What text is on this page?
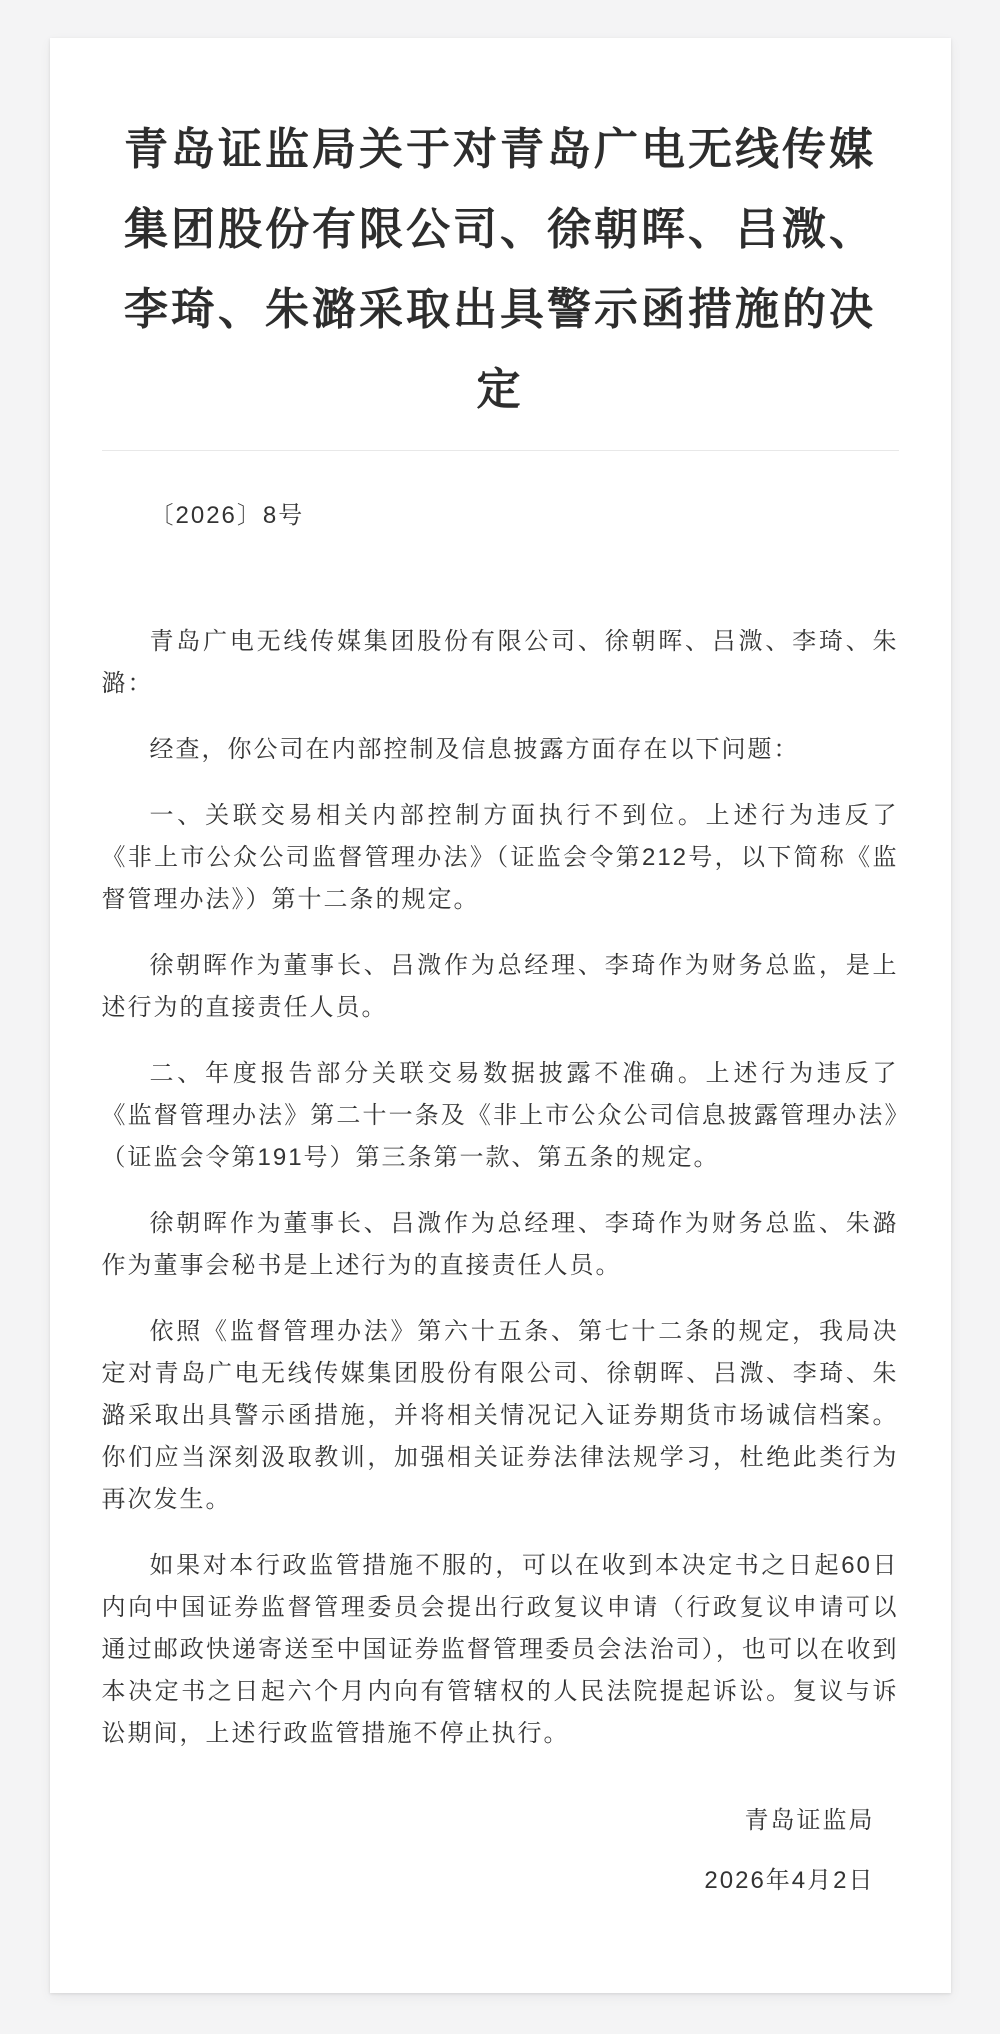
青岛证监局关于对青岛广电无线传媒集团股份有限公司、徐朝晖、吕溦、李琦、朱潞采取出具警示函措施的决定
〔2026〕8号

青岛广电无线传媒集团股份有限公司、徐朝晖、吕溦、李琦、朱潞：

经查，你公司在内部控制及信息披露方面存在以下问题：

一、关联交易相关内部控制方面执行不到位。上述行为违反了《非上市公众公司监督管理办法》（证监会令第212号，以下简称《监督管理办法》）第十二条的规定。

徐朝晖作为董事长、吕溦作为总经理、李琦作为财务总监，是上述行为的直接责任人员。

二、年度报告部分关联交易数据披露不准确。上述行为违反了《监督管理办法》第二十一条及《非上市公众公司信息披露管理办法》（证监会令第191号）第三条第一款、第五条的规定。

徐朝晖作为董事长、吕溦作为总经理、李琦作为财务总监、朱潞作为董事会秘书是上述行为的直接责任人员。

依照《监督管理办法》第六十五条、第七十二条的规定，我局决定对青岛广电无线传媒集团股份有限公司、徐朝晖、吕溦、李琦、朱潞采取出具警示函措施，并将相关情况记入证券期货市场诚信档案。你们应当深刻汲取教训，加强相关证券法律法规学习，杜绝此类行为再次发生。

如果对本行政监管措施不服的，可以在收到本决定书之日起60日内向中国证券监督管理委员会提出行政复议申请（行政复议申请可以通过邮政快递寄送至中国证券监督管理委员会法治司），也可以在收到本决定书之日起六个月内向有管辖权的人民法院提起诉讼。复议与诉讼期间，上述行政监管措施不停止执行。

青岛证监局
2026年4月2日
